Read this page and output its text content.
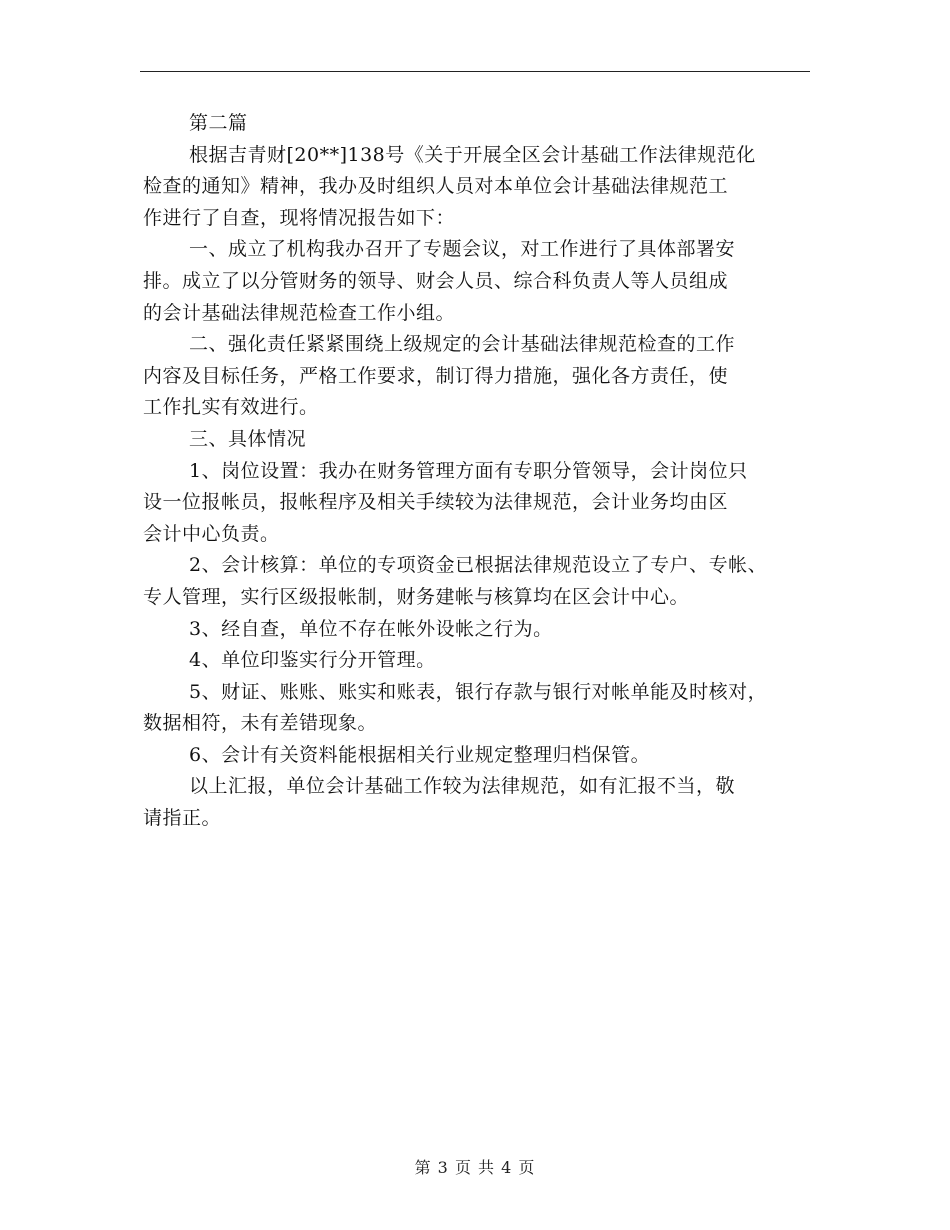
第二篇
根据吉青财[20**]138号《关于开展全区会计基础工作法律规范化
检查的通知》精神，我办及时组织人员对本单位会计基础法律规范工
作进行了自查，现将情况报告如下：
一、成立了机构我办召开了专题会议，对工作进行了具体部署安
排。成立了以分管财务的领导、财会人员、综合科负责人等人员组成
的会计基础法律规范检查工作小组。
二、强化责任紧紧围绕上级规定的会计基础法律规范检查的工作
内容及目标任务，严格工作要求，制订得力措施，强化各方责任，使
工作扎实有效进行。
三、具体情况
1、岗位设置：我办在财务管理方面有专职分管领导，会计岗位只
设一位报帐员，报帐程序及相关手续较为法律规范，会计业务均由区
会计中心负责。
2、会计核算：单位的专项资金已根据法律规范设立了专户、专帐、
专人管理，实行区级报帐制，财务建帐与核算均在区会计中心。
3、经自查，单位不存在帐外设帐之行为。
4、单位印鉴实行分开管理。
5、财证、账账、账实和账表，银行存款与银行对帐单能及时核对，
数据相符，未有差错现象。
6、会计有关资料能根据相关行业规定整理归档保管。
以上汇报，单位会计基础工作较为法律规范，如有汇报不当，敬
请指正。
第 3 页 共 4 页
